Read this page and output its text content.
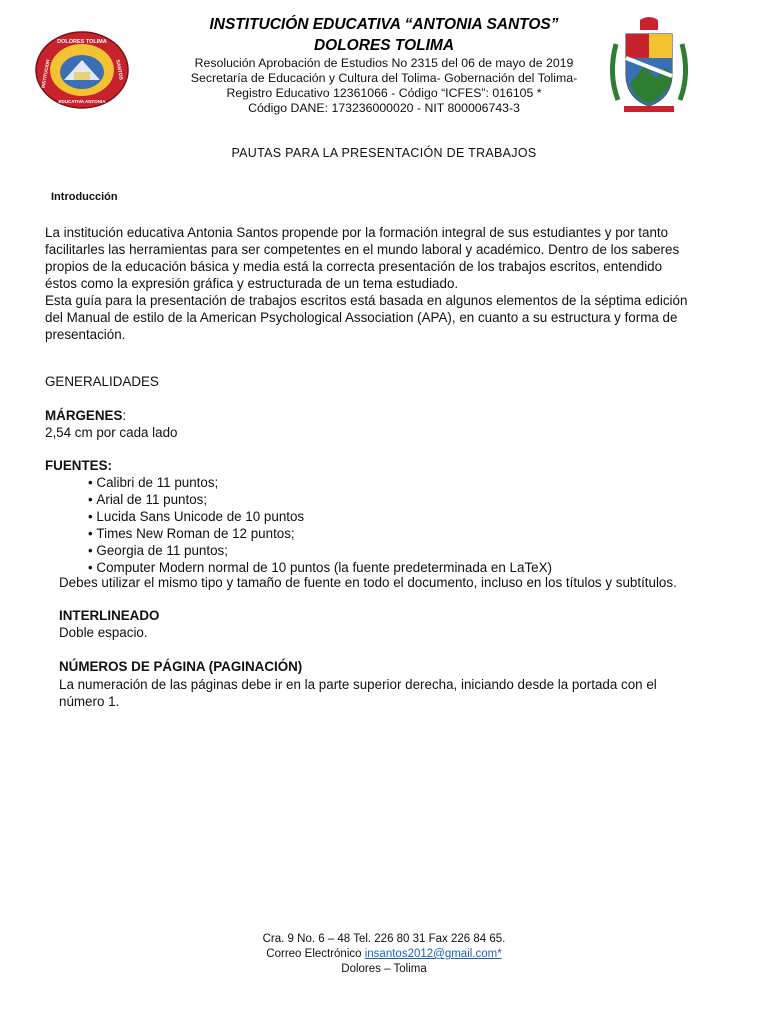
DOLORES TOLIMA
INSTITUCION	SANTOS
EDUCATIVA ANTONIA
INSTITUCIÓN EDUCATIVA “ANTONIA SANTOS”
DOLORES TOLIMA
Resolución Aprobación de Estudios No 2315 del 06 de mayo de 2019
Secretaría de Educación y Cultura del Tolima- Gobernación del Tolima-
Registro Educativo 12361066 - Código “ICFES”: 016105 *
Código DANE: 173236000020 - NIT 800006743-3
PAUTAS PARA LA PRESENTACIÓN DE TRABAJOS
Introducción
La institución educativa Antonia Santos propende por la formación integral de sus estudiantes y por tanto
facilitarles las herramientas para ser competentes en el mundo laboral y académico. Dentro de los saberes
propios de la educación básica y media está la correcta presentación de los trabajos escritos, entendido
éstos como la expresión gráfica y estructurada de un tema estudiado.
Esta guía para la presentación de trabajos escritos está basada en algunos elementos de la séptima edición
del Manual de estilo de la American Psychological Association (APA), en cuanto a su estructura y forma de
presentación.
GENERALIDADES
MÁRGENES:
2,54 cm por cada lado
FUENTES:
• Calibri de 11 puntos;
• Arial de 11 puntos;
• Lucida Sans Unicode de 10 puntos
• Times New Roman de 12 puntos;
• Georgia de 11 puntos;
• Computer Modern normal de 10 puntos (la fuente predeterminada en LaTeX)
Debes utilizar el mismo tipo y tamaño de fuente en todo el documento, incluso en los títulos y subtítulos.
INTERLINEADO
Doble espacio.
NÚMEROS DE PÁGINA (PAGINACIÓN)
La numeración de las páginas debe ir en la parte superior derecha, iniciando desde la portada con el
número 1.
Cra. 9 No. 6 – 48 Tel. 226 80 31 Fax 226 84 65.
Correo Electrónico insantos2012@gmail.com*
Dolores – Tolima
